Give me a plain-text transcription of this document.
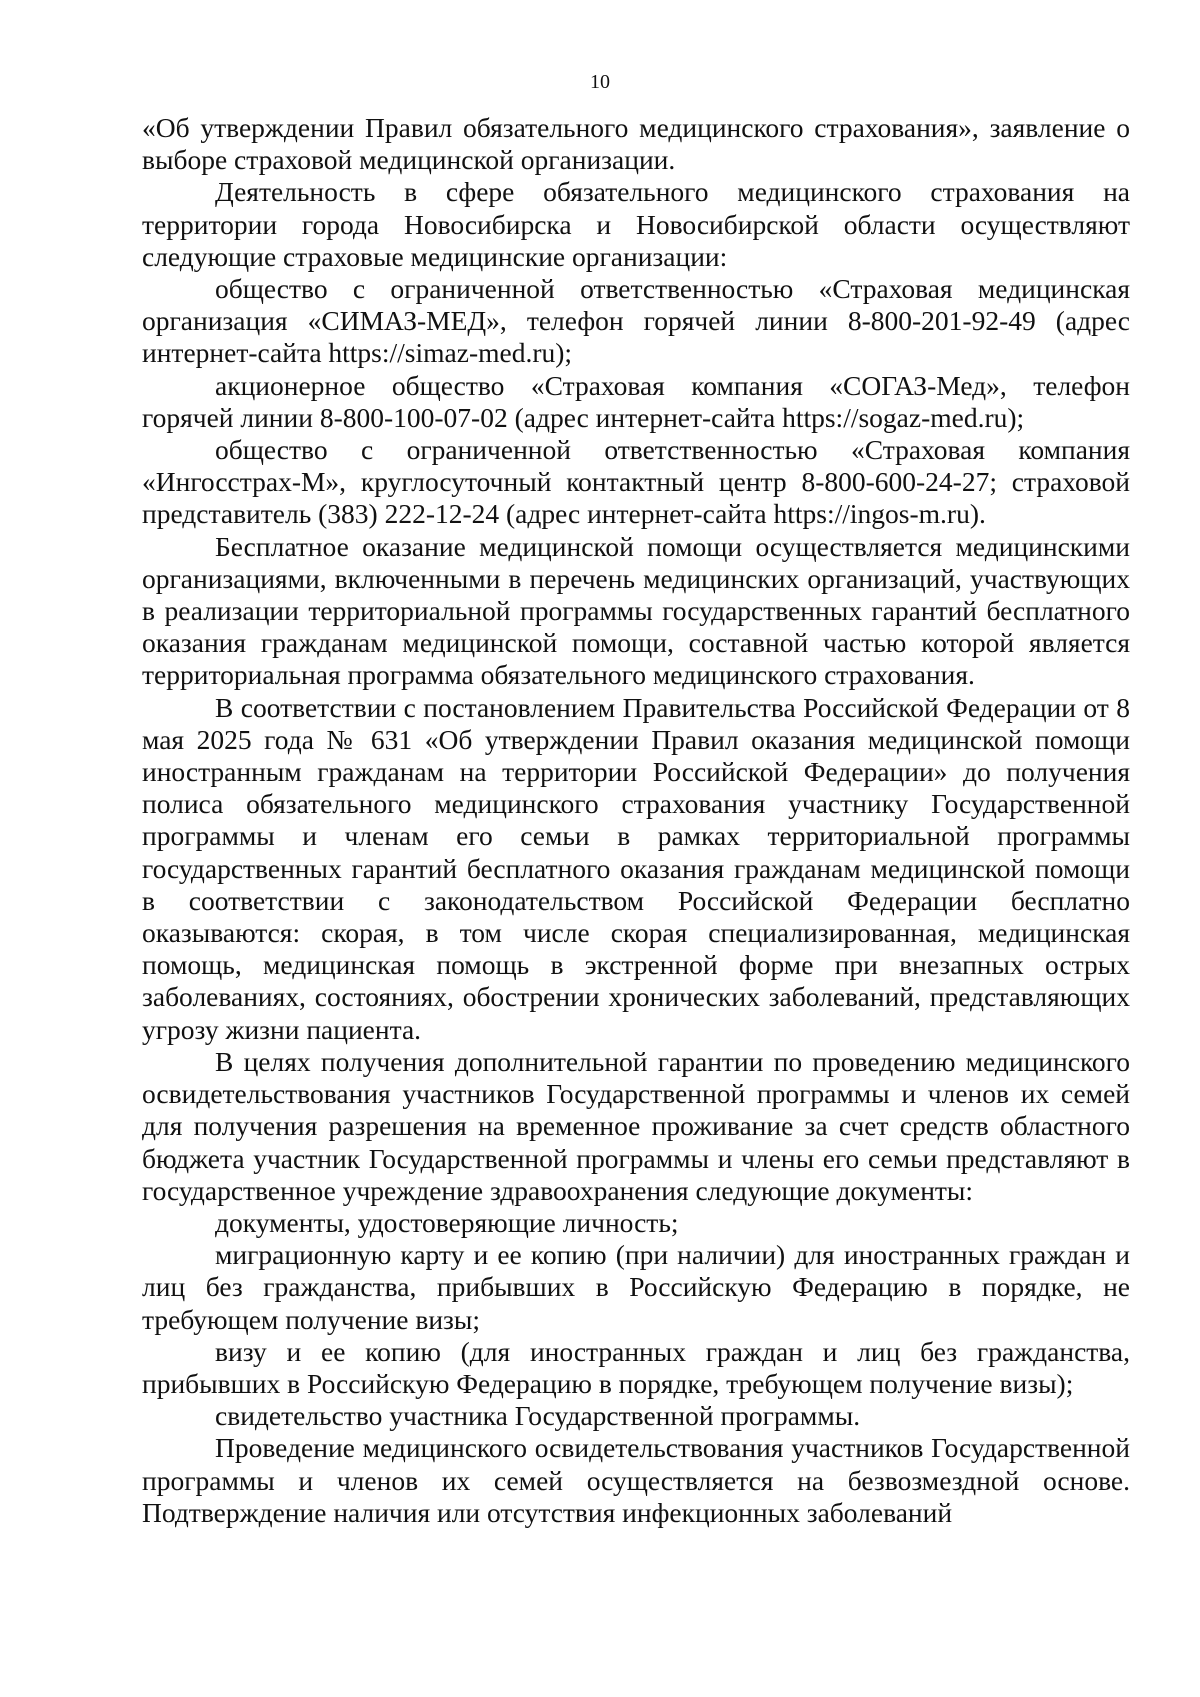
10

«Об утверждении Правил обязательного медицинского страхования», заявление о выборе страховой медицинской организации.

Деятельность в сфере обязательного медицинского страхования на территории города Новосибирска и Новосибирской области осуществляют следующие страховые медицинские организации:

общество с ограниченной ответственностью «Страховая медицинская организация «СИМАЗ-МЕД», телефон горячей линии 8-800-201-92-49 (адрес интернет-сайта https://simaz-med.ru);

акционерное общество «Страховая компания «СОГАЗ-Мед», телефон горячей линии 8-800-100-07-02 (адрес интернет-сайта https://sogaz-med.ru);

общество с ограниченной ответственностью «Страховая компания «Ингосстрах-М», круглосуточный контактный центр 8-800-600-24-27; страховой представитель (383) 222-12-24 (адрес интернет-сайта https://ingos-m.ru).

Бесплатное оказание медицинской помощи осуществляется медицинскими организациями, включенными в перечень медицинских организаций, участвующих в реализации территориальной программы государственных гарантий бесплатного оказания гражданам медицинской помощи, составной частью которой является территориальная программа обязательного медицинского страхования.

В соответствии с постановлением Правительства Российской Федерации от 8 мая 2025 года № 631 «Об утверждении Правил оказания медицинской помощи иностранным гражданам на территории Российской Федерации» до получения полиса обязательного медицинского страхования участнику Государственной программы и членам его семьи в рамках территориальной программы государственных гарантий бесплатного оказания гражданам медицинской помощи в соответствии с законодательством Российской Федерации бесплатно оказываются: скорая, в том числе скорая специализированная, медицинская помощь, медицинская помощь в экстренной форме при внезапных острых заболеваниях, состояниях, обострении хронических заболеваний, представляющих угрозу жизни пациента.

В целях получения дополнительной гарантии по проведению медицинского освидетельствования участников Государственной программы и членов их семей для получения разрешения на временное проживание за счет средств областного бюджета участник Государственной программы и члены его семьи представляют в государственное учреждение здравоохранения следующие документы:

документы, удостоверяющие личность;

миграционную карту и ее копию (при наличии) для иностранных граждан и лиц без гражданства, прибывших в Российскую Федерацию в порядке, не требующем получение визы;

визу и ее копию (для иностранных граждан и лиц без гражданства, прибывших в Российскую Федерацию в порядке, требующем получение визы);

свидетельство участника Государственной программы.

Проведение медицинского освидетельствования участников Государственной программы и членов их семей осуществляется на безвозмездной основе. Подтверждение наличия или отсутствия инфекционных заболеваний
